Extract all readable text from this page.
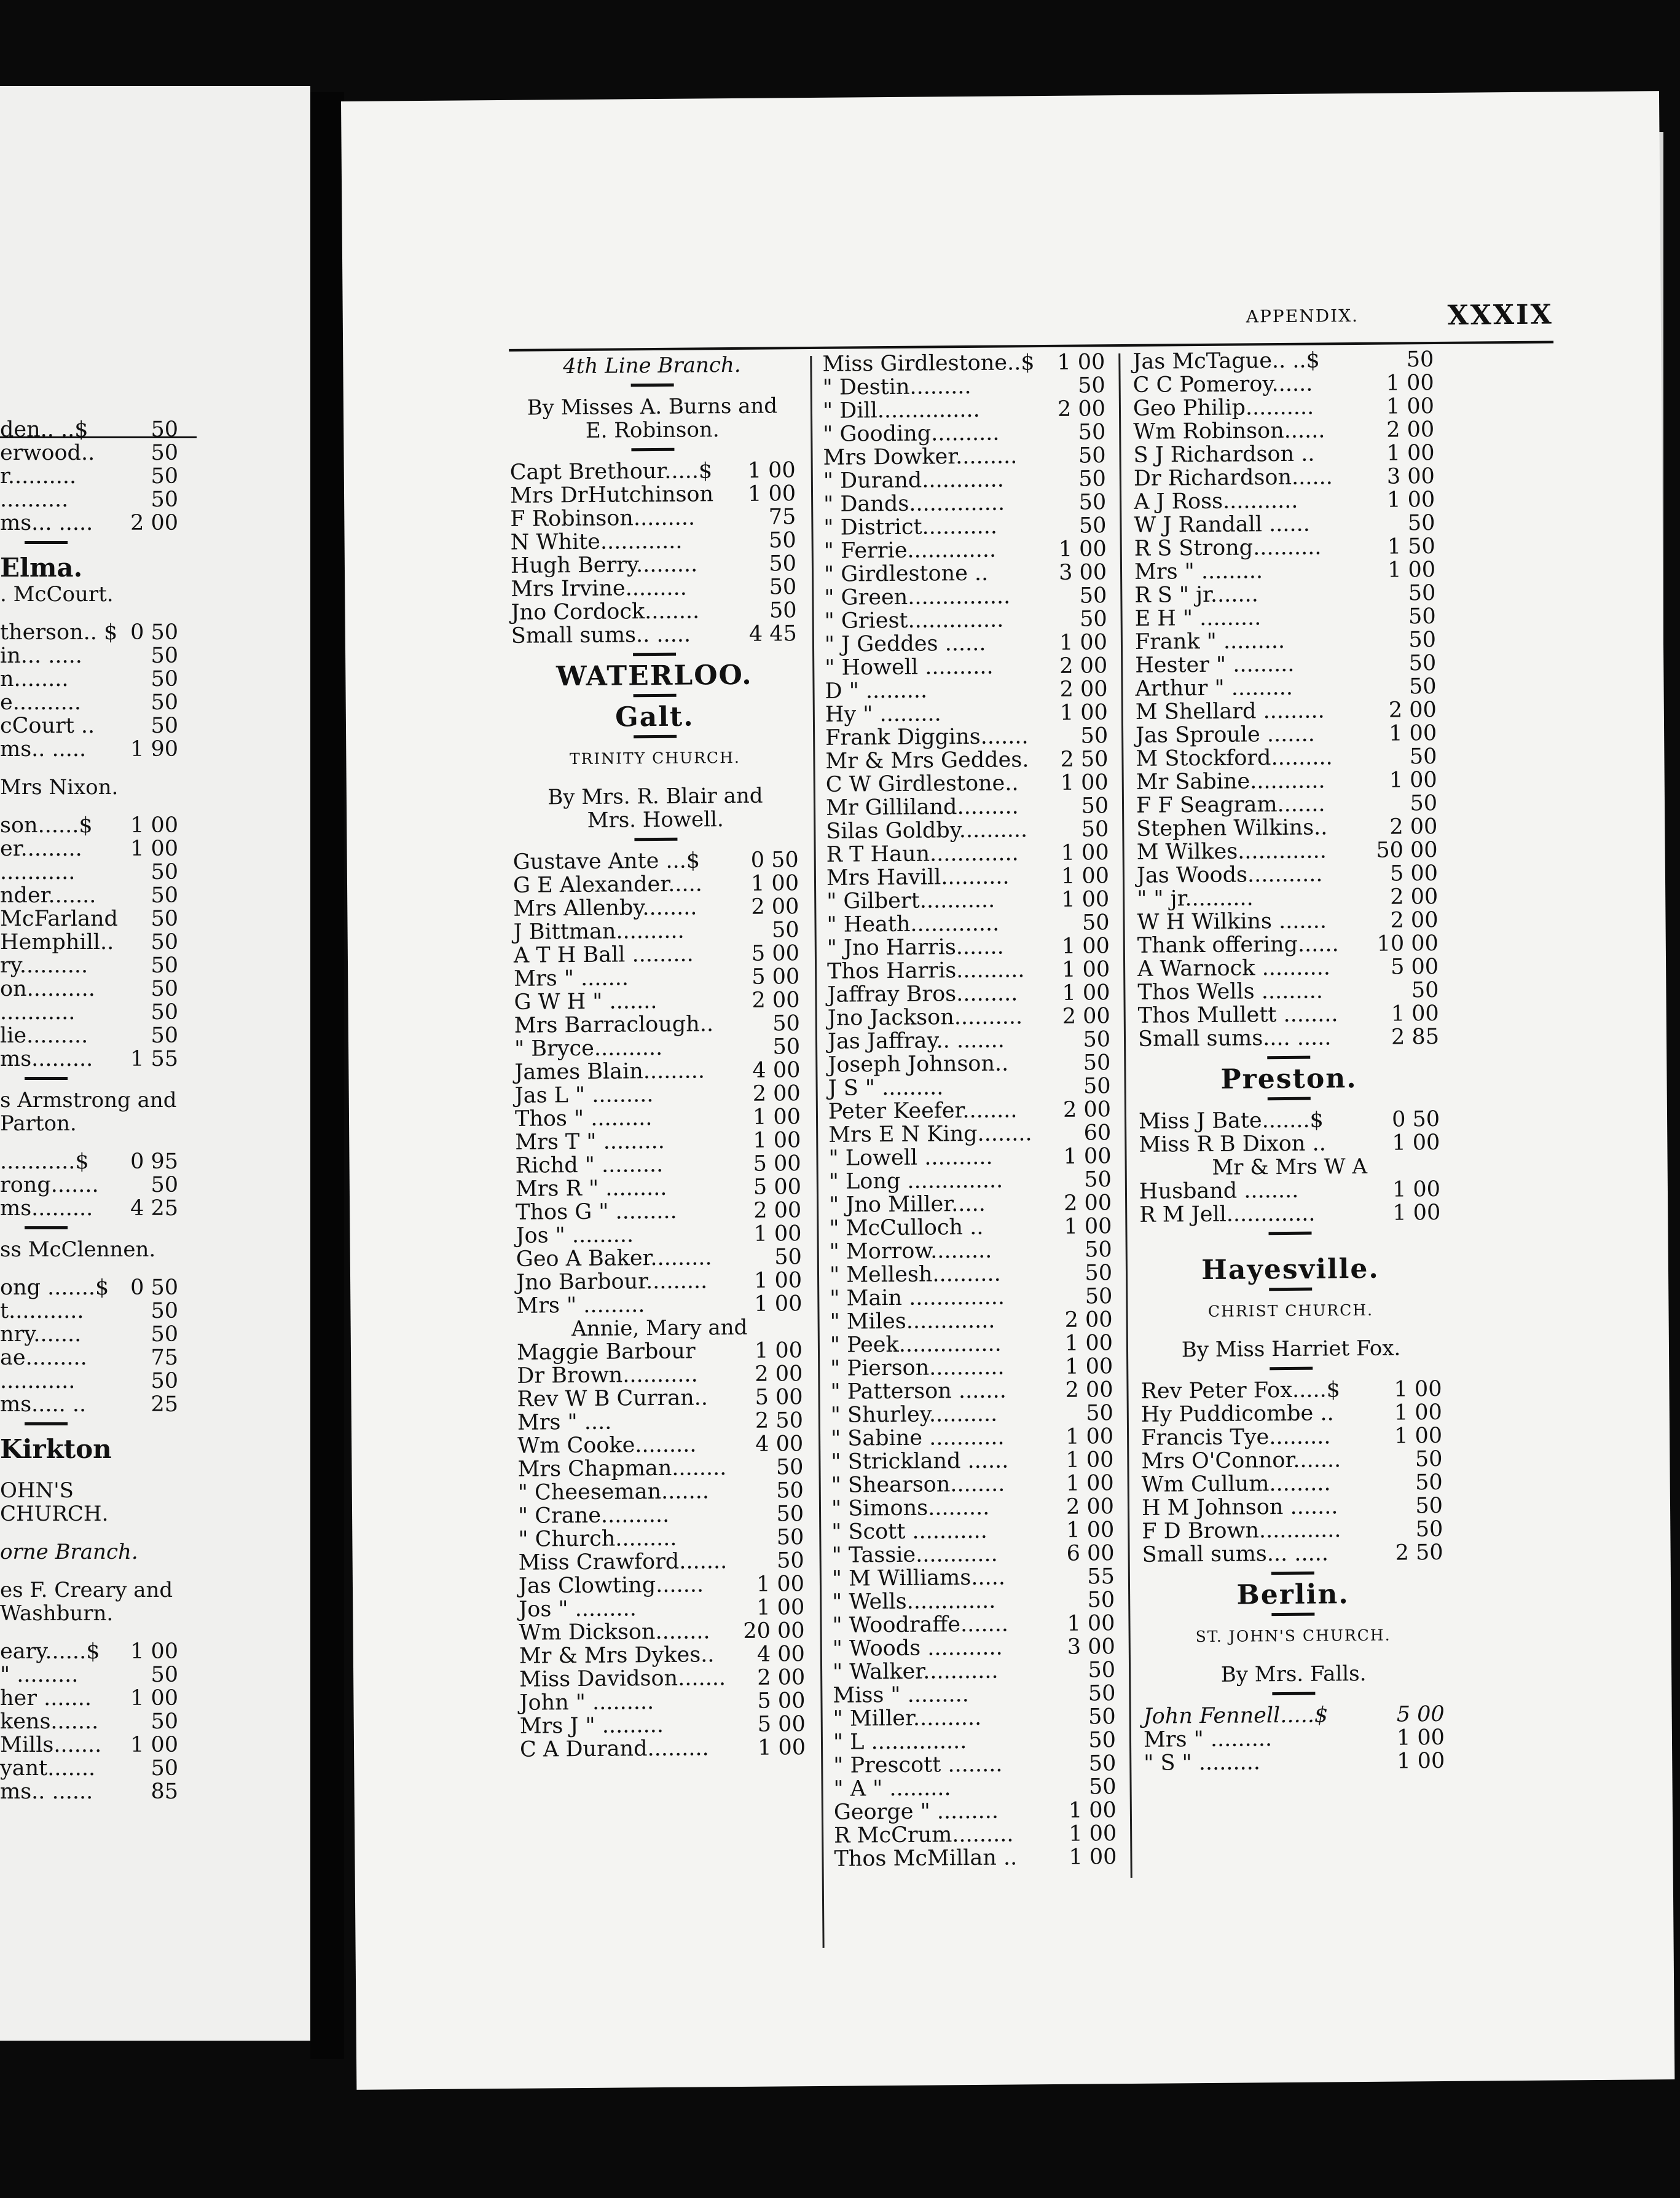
den.. ..$	50
erwood..	50
r..........	50
..........	50
ms... ..... 2 00
Elma.
. McCourt.
therson.. $ 0 50
in... .....	50
n........	50
e..........	50
cCourt ..	50
ms.. ..... 1 90
Mrs Nixon.
son......$ 1 00
er......... 1 00
...........	50
nder.......	50
McFarland 50
Hemphill.. 50
ry..........	50
on..........	50
...........	50
lie.........	50
ms......... 1 55
s Armstrong and
Parton.
...........$ 0 95
rong....... 50
ms......... 4 25
ss McClennen.
ong .......$ 0 50
t...........	50
nry.......	50
ae.........	75
...........	50
ms..... ..	25
Kirkton
OHN'S CHURCH.
orne Branch.
es F. Creary and
Washburn.
eary......$ 1 00
" .........	50
her ....... 1 00
kens....... 50
Mills....... 1 00
yant.......	50
ms.. ......	85
APPENDIX.	XXXIX
4th Line Branch.
By Misses A. Burns and
E. Robinson.
Capt Brethour.....$ 1 00
Mrs DrHutchinson 1 00
F Robinson.........	75
N White............	50
Hugh Berry.........	50
Mrs Irvine.........	50
Jno Cordock........	50
Small sums.. .....	4 45
WATERLOO.
Galt.
TRINITY CHURCH.
By Mrs. R. Blair and
Mrs. Howell.
Gustave Ante ...$ 0 50
G E Alexander..... 1 00
Mrs Allenby........	2 00
J Bittman..........	50
A T H Ball .........	5 00
Mrs " .......	5 00
G W H " .......	2 00
Mrs Barraclough..	50
" Bryce..........	50
James Blain......... 4 00
Jas L " .........	2 00
Thos " .........	1 00
Mrs T " .........	1 00
Richd " .........	5 00
Mrs R " .........	5 00
Thos G " .........	2 00
Jos " .........	1 00
Geo A Baker.........	50
Jno Barbour......... 1 00
Mrs " .........	1 00
Annie, Mary and
Maggie Barbour	1 00
Dr Brown...........	2 00
Rev W B Curran.. 5 00
Mrs " ....	2 50
Wm Cooke.........	4 00
Mrs Chapman........ 50
" Cheeseman.......	50
" Crane..........	50
" Church.........	50
Miss Crawford....... 50
Jas Clowting....... 1 00
Jos " .........	1 00
Wm Dickson........ 20 00
Mr & Mrs Dykes.. 4 00
Miss Davidson....... 2 00
John " .........	5 00
Mrs J " .........	5 00
C A Durand......... 1 00
Miss Girdlestone..$ 1 00
" Destin.........	50
" Dill...............	2 00
" Gooding..........	50
Mrs Dowker.........	50
" Durand............	50
" Dands..............	50
" District...........	50
" Ferrie.............	1 00
" Girdlestone ..	3 00
" Green...............	50
" Griest..............	50
" J Geddes ......	1 00
" Howell ..........	2 00
D " .........	2 00
Hy " .........	1 00
Frank Diggins....... 50
Mr & Mrs Geddes. 2 50
C W Girdlestone.. 1 00
Mr Gilliland.........	50
Silas Goldby.......... 50
R T Haun............. 1 00
Mrs Havill.......... 1 00
" Gilbert...........	1 00
" Heath.............	50
" Jno Harris.......	1 00
Thos Harris.......... 1 00
Jaffray Bros......... 1 00
Jno Jackson.......... 2 00
Jas Jaffray.. .......	50
Joseph Johnson..	50
J S " .........	50
Peter Keefer........ 2 00
Mrs E N King........ 60
" Lowell ..........	1 00
" Long ..............	50
" Jno Miller.....	2 00
" McCulloch ..	1 00
" Morrow.........	50
" Mellesh..........	50
" Main ..............	50
" Miles.............	2 00
" Peek...............	1 00
" Pierson...........	1 00
" Patterson .......	2 00
" Shurley..........	50
" Sabine ...........	1 00
" Strickland ......	1 00
" Shearson........	1 00
" Simons.........	2 00
" Scott ...........	1 00
" Tassie............	6 00
" M Williams.....	55
" Wells.............	50
" Woodraffe.......	1 00
" Woods ...........	3 00
" Walker...........	50
Miss " .........	50
" Miller..........	50
" L ..............	50
" Prescott ........	50
" A " .........	50
George " .........	1 00
R McCrum.........	1 00
Thos McMillan .. 1 00
Jas McTague.. ..$	50
C C Pomeroy......	1 00
Geo Philip..........	1 00
Wm Robinson......	2 00
S J Richardson ..	1 00
Dr Richardson......	3 00
A J Ross...........	1 00
W J Randall ......	50
R S Strong..........	1 50
Mrs " .........	1 00
R S " jr.......	50
E H " .........	50
Frank " .........	50
Hester " .........	50
Arthur " .........	50
M Shellard .........	2 00
Jas Sproule .......	1 00
M Stockford.........	50
Mr Sabine...........	1 00
F F Seagram.......	50
Stephen Wilkins..	2 00
M Wilkes............. 50 00
Jas Woods...........	5 00
" " jr..........	2 00
W H Wilkins .......	2 00
Thank offering...... 10 00
A Warnock ..........	5 00
Thos Wells .........	50
Thos Mullett ........ 1 00
Small sums.... .....	2 85
Preston.
Miss J Bate.......$	0 50
Miss R B Dixon ..	1 00
Mr & Mrs W A
Husband ........	1 00
R M Jell.............	1 00
Hayesville.
CHRIST CHURCH.
By Miss Harriet Fox.
Rev Peter Fox.....$ 1 00
Hy Puddicombe ..	1 00
Francis Tye.........	1 00
Mrs O'Connor.......	50
Wm Cullum.........	50
H M Johnson .......	50
F D Brown............	50
Small sums... .....	2 50
Berlin.
ST. JOHN'S CHURCH.
By Mrs. Falls.
John Fennell.....$	5 00
Mrs " .........	1 00
" S " .........	1 00
